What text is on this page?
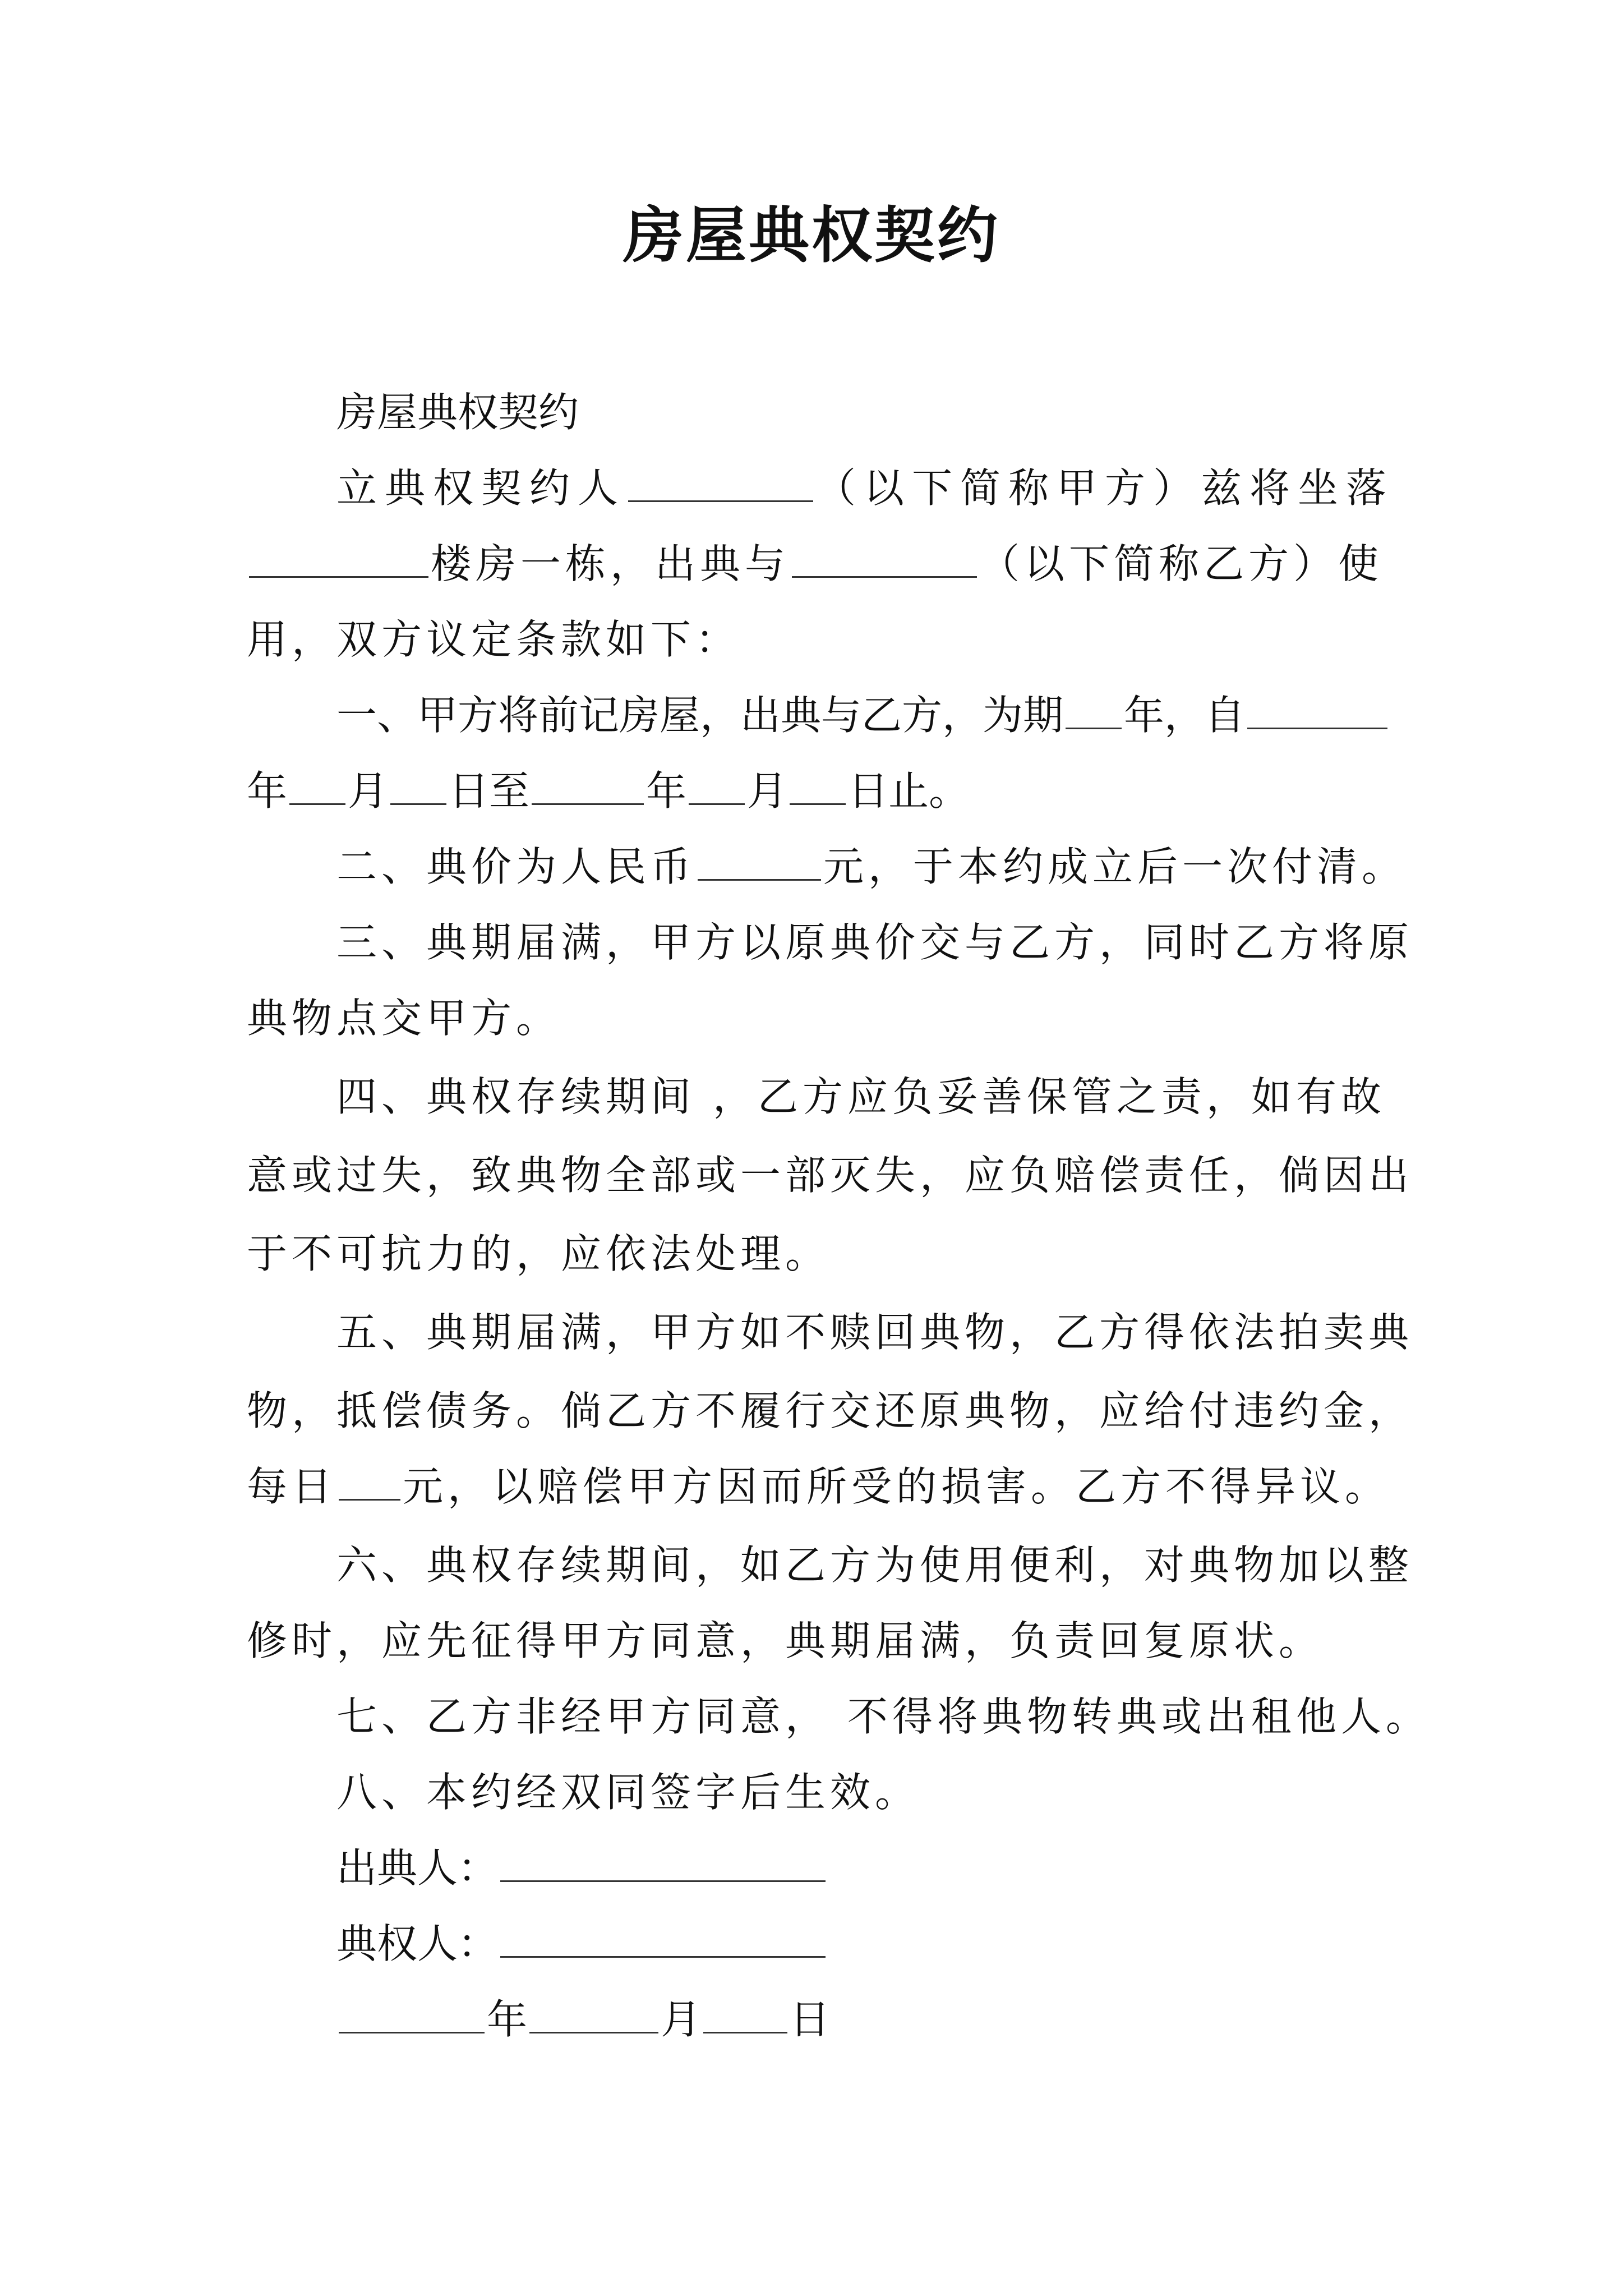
房屋典权契约
房屋典权契约
立典权契约人	（以下简称甲方）兹将坐落
楼房一栋，出典与	（以下简称乙方）使
用，双方议定条款如下：
一、甲方将前记房屋，出典与乙方，为期 年，自
年 月 日至	年 月 日止。
二、典价为人民币	元，于本约成立后一次付清。
三、典期届满，甲方以原典价交与乙方，同时乙方将原
典物点交甲方。
四、典权存续期间 ，乙方应负妥善保管之责，如有故
意或过失，致典物全部或一部灭失，应负赔偿责任，倘因出
于不可抗力的，应依法处理。
五、典期届满，甲方如不赎回典物，乙方得依法拍卖典
物，抵偿债务。倘乙方不履行交还原典物，应给付违约金，
每日 元，以赔偿甲方因而所受的损害。乙方不得异议。
六、典权存续期间，如乙方为使用便利，对典物加以整
修时，应先征得甲方同意，典期届满，负责回复原状。
七、乙方非经甲方同意， 不得将典物转典或出租他人。
八、本约经双同签字后生效。
出典人：
典权人：
年	月 日
